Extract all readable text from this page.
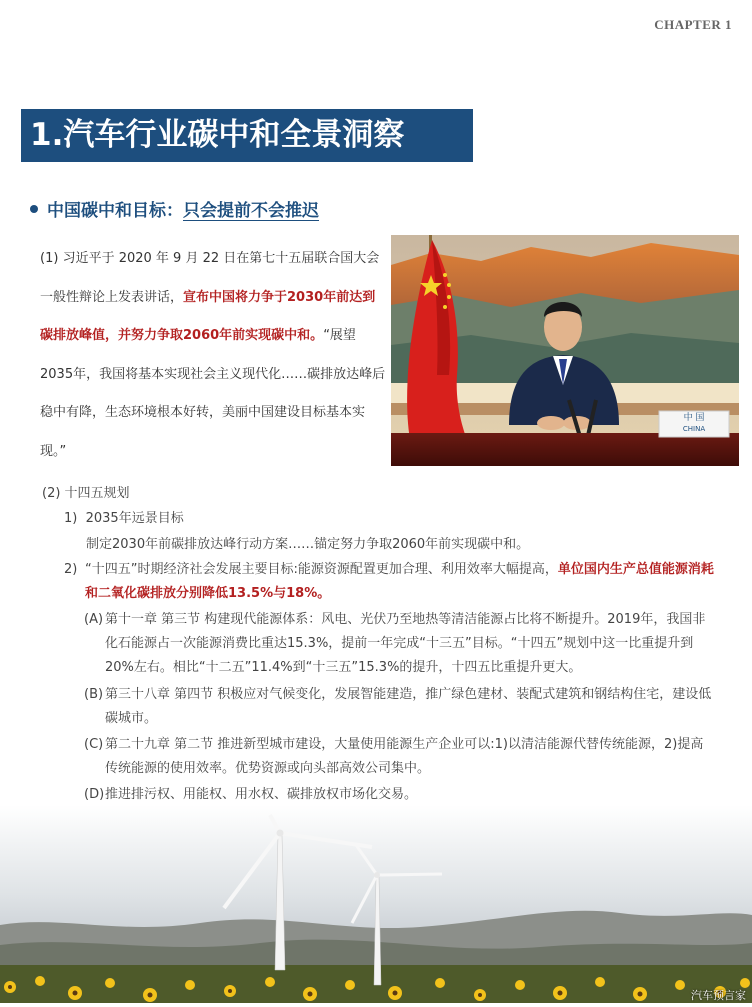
CHAPTER 1
1.汽车行业碳中和全景洞察
中国碳中和目标：只会提前不会推迟
(1) 习近平于 2020 年 9 月 22 日在第七十五届联合国大会一般性辩论上发表讲话，宣布中国将力争于2030年前达到碳排放峰值，并努力争取2060年前实现碳中和。“展望2035年，我国将基本实现社会主义现代化……碳排放达峰后稳中有降，生态环境根本好转，美丽中国建设目标基本实现。”
中 国
CHINA
(2) 十四五规划
1) 2035年远景目标
制定2030年前碳排放达峰行动方案……锚定努力争取2060年前实现碳中和。
2) “十四五”时期经济社会发展主要目标:能源资源配置更加合理、利用效率大幅提高，单位国内生产总值能源消耗和二氧化碳排放分别降低13.5%与18%。
(A) 第十一章 第三节 构建现代能源体系：风电、光伏乃至地热等清洁能源占比将不断提升。2019年，我国非化石能源占一次能源消费比重达15.3%，提前一年完成“十三五”目标。“十四五”规划中这一比重提升到20%左右。相比“十二五”11.4%到“十三五”15.3%的提升，十四五比重提升更大。
(B) 第三十八章 第四节 积极应对气候变化，发展智能建造，推广绿色建材、装配式建筑和钢结构住宅，建设低碳城市。
(C) 第二十九章 第二节 推进新型城市建设，大量使用能源生产企业可以:1)以清洁能源代替传统能源，2)提高传统能源的使用效率。优势资源或向头部高效公司集中。
(D) 推进排污权、用能权、用水权、碳排放权市场化交易。
汽车预言家
